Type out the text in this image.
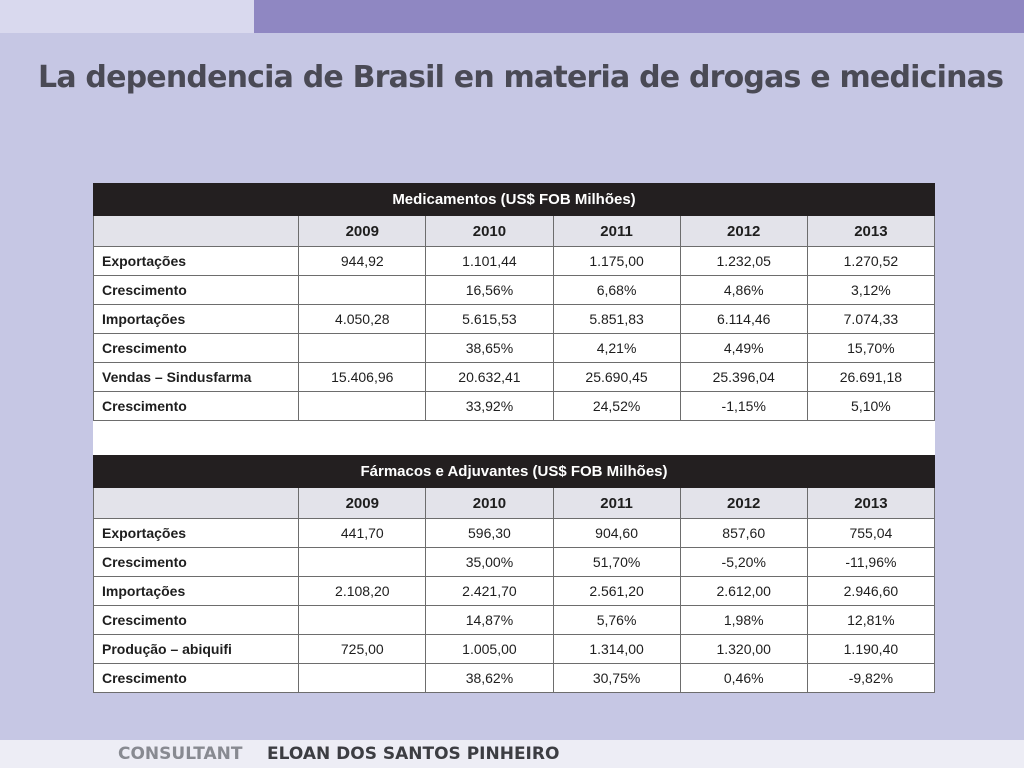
La dependencia de Brasil en materia de drogas e medicinas
Medicamentos (US$ FOB Milhões)					
	2009	2010	2011	2012	2013
Exportações	944,92	1.101,44	1.175,00	1.232,05	1.270,52
Crescimento		16,56%	6,68%	4,86%	3,12%
Importações	4.050,28	5.615,53	5.851,83	6.114,46	7.074,33
Crescimento		38,65%	4,21%	4,49%	15,70%
Vendas – Sindusfarma	15.406,96	20.632,41	25.690,45	25.396,04	26.691,18
Crescimento		33,92%	24,52%	-1,15%	5,10%
Fármacos e Adjuvantes (US$ FOB Milhões)					
	2009	2010	2011	2012	2013
Exportações	441,70	596,30	904,60	857,60	755,04
Crescimento		35,00%	51,70%	-5,20%	-11,96%
Importações	2.108,20	2.421,70	2.561,20	2.612,00	2.946,60
Crescimento		14,87%	5,76%	1,98%	12,81%
Produção – abiquifi	725,00	1.005,00	1.314,00	1.320,00	1.190,40
Crescimento		38,62%	30,75%	0,46%	-9,82%
CONSULTANT ELOAN DOS SANTOS PINHEIRO
